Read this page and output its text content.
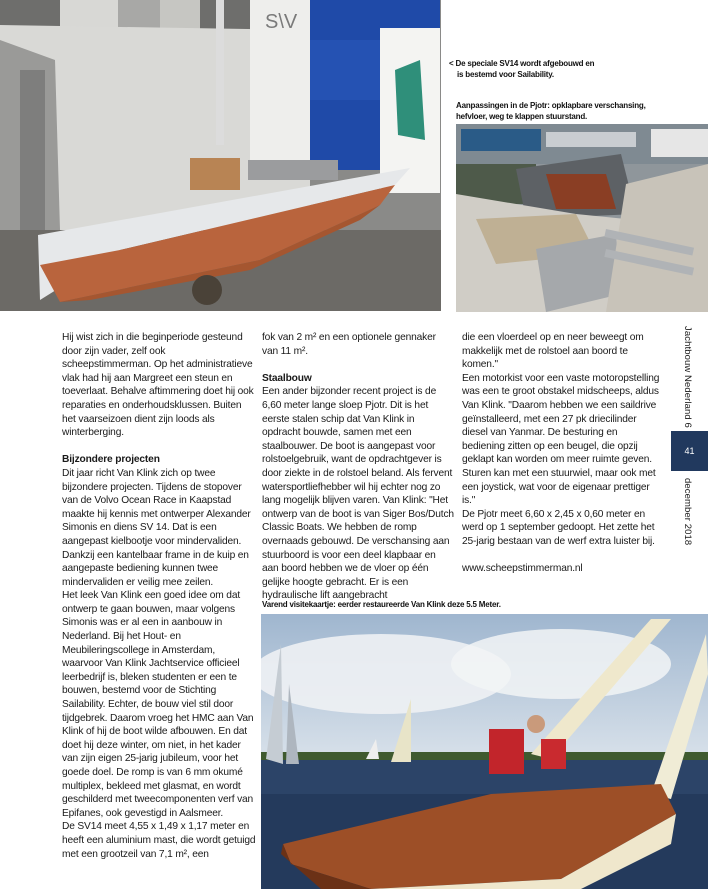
S\V
< De speciale SV14 wordt afgebouwd en
is bestemd voor Sailability.
Aanpassingen in de Pjotr: opklapbare verschansing,
hefvloer, weg te klappen stuurstand.

Hij wist zich in die beginperiode gesteund door zijn vader, zelf ook scheepstimmerman. Op het administratieve vlak had hij aan Margreet een steun en toeverlaat. Behalve aftimmering doet hij ook reparaties en onderhoudsklussen. Buiten het vaarseizoen dient zijn loods als winterberging.

Bijzondere projecten

Dit jaar richt Van Klink zich op twee bijzondere projecten. Tijdens de stopover van de Volvo Ocean Race in Kaapstad maakte hij kennis met ontwerper Alexander Simonis en diens SV 14. Dat is een aangepast kielbootje voor mindervaliden. Dankzij een kantelbaar frame in de kuip en aangepaste bediening kunnen twee mindervaliden er veilig mee zeilen.

Het leek Van Klink een goed idee om dat ontwerp te gaan bouwen, maar volgens Simonis was er al een in aanbouw in Nederland. Bij het Hout- en Meubileringscollege in Amsterdam, waarvoor Van Klink Jachtservice officieel leerbedrijf is, bleken studenten er een te bouwen, bestemd voor de Stichting Sailability. Echter, de bouw viel stil door tijdgebrek. Daarom vroeg het HMC aan Van Klink of hij de boot wilde afbouwen. En dat doet hij deze winter, om niet, in het kader van zijn eigen 25-jarig jubileum, voor het goede doel. De romp is van 6 mm okumé multiplex, bekleed met glasmat, en wordt geschilderd met tweecomponenten verf van Epifanes, ook gevestigd in Aalsmeer.

De SV14 meet 4,55 x 1,49 x 1,17 meter en heeft een aluminium mast, die wordt getuigd met een grootzeil van 7,1 m², een

fok van 2 m² en een optionele gennaker van 11 m².

Staalbouw

Een ander bijzonder recent project is de 6,60 meter lange sloep Pjotr. Dit is het eerste stalen schip dat Van Klink in opdracht bouwde, samen met een staalbouwer. De boot is aangepast voor rolstoelgebruik, want de opdrachtgever is door ziekte in de rolstoel beland. Als fervent watersportliefhebber wil hij echter nog zo lang mogelijk blijven varen. Van Klink: "Het ontwerp van de boot is van Siger Bos/Dutch Classic Boats. We hebben de romp overnaads gebouwd. De verschansing aan stuurboord is voor een deel klapbaar en aan boord hebben we de vloer op één gelijke hoogte gebracht. Er is een hydraulische lift aangebracht

die een vloerdeel op en neer beweegt om makkelijk met de rolstoel aan boord te komen."

Een motorkist voor een vaste motoropstelling was een te groot obstakel midscheeps, aldus Van Klink. "Daarom hebben we een saildrive geïnstalleerd, met een 27 pk driecilinder diesel van Yanmar. De besturing en bediening zitten op een beugel, die opzij geklapt kan worden om meer ruimte geven. Sturen kan met een stuurwiel, maar ook met een joystick, wat voor de eigenaar prettiger is."

De Pjotr meet 6,60 x 2,45 x 0,60 meter en werd op 1 september gedoopt. Het zette het 25-jarig bestaan van de werf extra luister bij.

www.scheepstimmerman.nl

Varend visitekaartje: eerder restaureerde Van Klink deze 5.5 Meter.
Jachtbouw Nederland 6
41
december 2018
